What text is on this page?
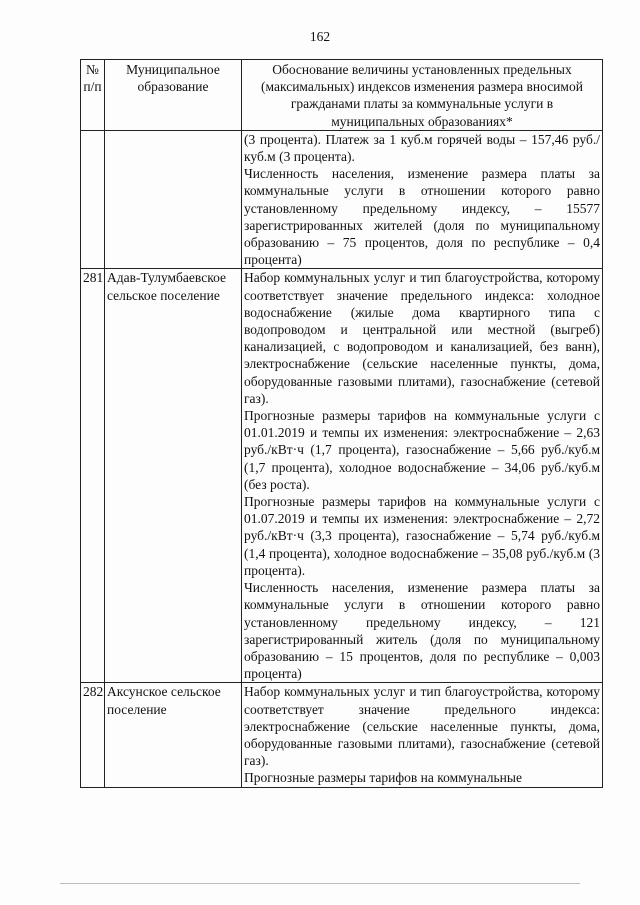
162
№ п/п	Муниципальное образование	Обоснование величины установленных предельных (максимальных) индексов изменения размера вносимой гражданами платы за коммунальные услуги в муниципальных образованиях*

		(3 процента). Платеж за 1 куб.м горячей воды – 157,46 руб./куб.м (3 процента).
Численность населения, изменение размера платы за коммунальные услуги в отношении которого равно установленному предельному индексу, – 15577 зарегистрированных жителей (доля по муниципальному образованию – 75 процентов, доля по республике – 0,4 процента)

281	Адав-Тулумбаевское сельское поселение	Набор коммунальных услуг и тип благоустройства, которому соответствует значение предельного индекса: холодное водоснабжение (жилые дома квартирного типа с водопроводом и центральной или местной (выгреб) канализацией, с водопроводом и канализацией, без ванн), электроснабжение (сельские населенные пункты, дома, оборудованные газовыми плитами), газоснабжение (сетевой газ).
Прогнозные размеры тарифов на коммунальные услуги с 01.01.2019 и темпы их изменения: электроснабжение – 2,63 руб./кВт·ч (1,7 процента), газоснабжение – 5,66 руб./куб.м (1,7 процента), холодное водоснабжение – 34,06 руб./куб.м (без роста).
Прогнозные размеры тарифов на коммунальные услуги с 01.07.2019 и темпы их изменения: электроснабжение – 2,72 руб./кВт·ч (3,3 процента), газоснабжение – 5,74 руб./куб.м (1,4 процента), холодное водоснабжение – 35,08 руб./куб.м (3 процента).
Численность населения, изменение размера платы за коммунальные услуги в отношении которого равно установленному предельному индексу, – 121 зарегистрированный житель (доля по муниципальному образованию – 15 процентов, доля по республике – 0,003 процента)

282	Аксунское сельское поселение	Набор коммунальных услуг и тип благоустройства, которому соответствует значение предельного индекса: электроснабжение (сельские населенные пункты, дома, оборудованные газовыми плитами), газоснабжение (сетевой газ).
Прогнозные размеры тарифов на коммунальные
